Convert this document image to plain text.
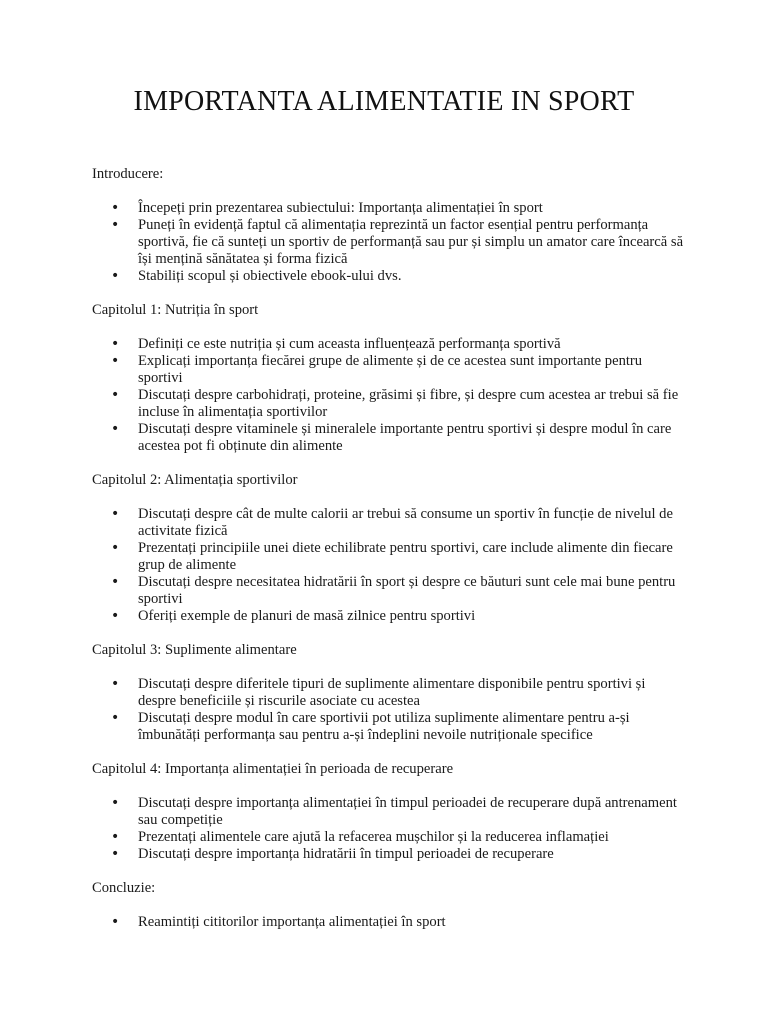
IMPORTANTA ALIMENTATIE IN SPORT

Introducere:

• Începeți prin prezentarea subiectului: Importanța alimentației în sport
• Puneți în evidență faptul că alimentația reprezintă un factor esențial pentru performanța sportivă, fie că sunteți un sportiv de performanță sau pur și simplu un amator care încearcă să își mențină sănătatea și forma fizică
• Stabiliți scopul și obiectivele ebook-ului dvs.

Capitolul 1: Nutriția în sport

• Definiți ce este nutriția și cum aceasta influențează performanța sportivă
• Explicați importanța fiecărei grupe de alimente și de ce acestea sunt importante pentru sportivi
• Discutați despre carbohidrați, proteine, grăsimi și fibre, și despre cum acestea ar trebui să fie incluse în alimentația sportivilor
• Discutați despre vitaminele și mineralele importante pentru sportivi și despre modul în care acestea pot fi obținute din alimente

Capitolul 2: Alimentația sportivilor

• Discutați despre cât de multe calorii ar trebui să consume un sportiv în funcție de nivelul de activitate fizică
• Prezentați principiile unei diete echilibrate pentru sportivi, care include alimente din fiecare grup de alimente
• Discutați despre necesitatea hidratării în sport și despre ce băuturi sunt cele mai bune pentru sportivi
• Oferiți exemple de planuri de masă zilnice pentru sportivi

Capitolul 3: Suplimente alimentare

• Discutați despre diferitele tipuri de suplimente alimentare disponibile pentru sportivi și despre beneficiile și riscurile asociate cu acestea
• Discutați despre modul în care sportivii pot utiliza suplimente alimentare pentru a-și îmbunătăți performanța sau pentru a-și îndeplini nevoile nutriționale specifice

Capitolul 4: Importanța alimentației în perioada de recuperare

• Discutați despre importanța alimentației în timpul perioadei de recuperare după antrenament sau competiție
• Prezentați alimentele care ajută la refacerea mușchilor și la reducerea inflamației
• Discutați despre importanța hidratării în timpul perioadei de recuperare

Concluzie:

• Reamintiți cititorilor importanța alimentației în sport
